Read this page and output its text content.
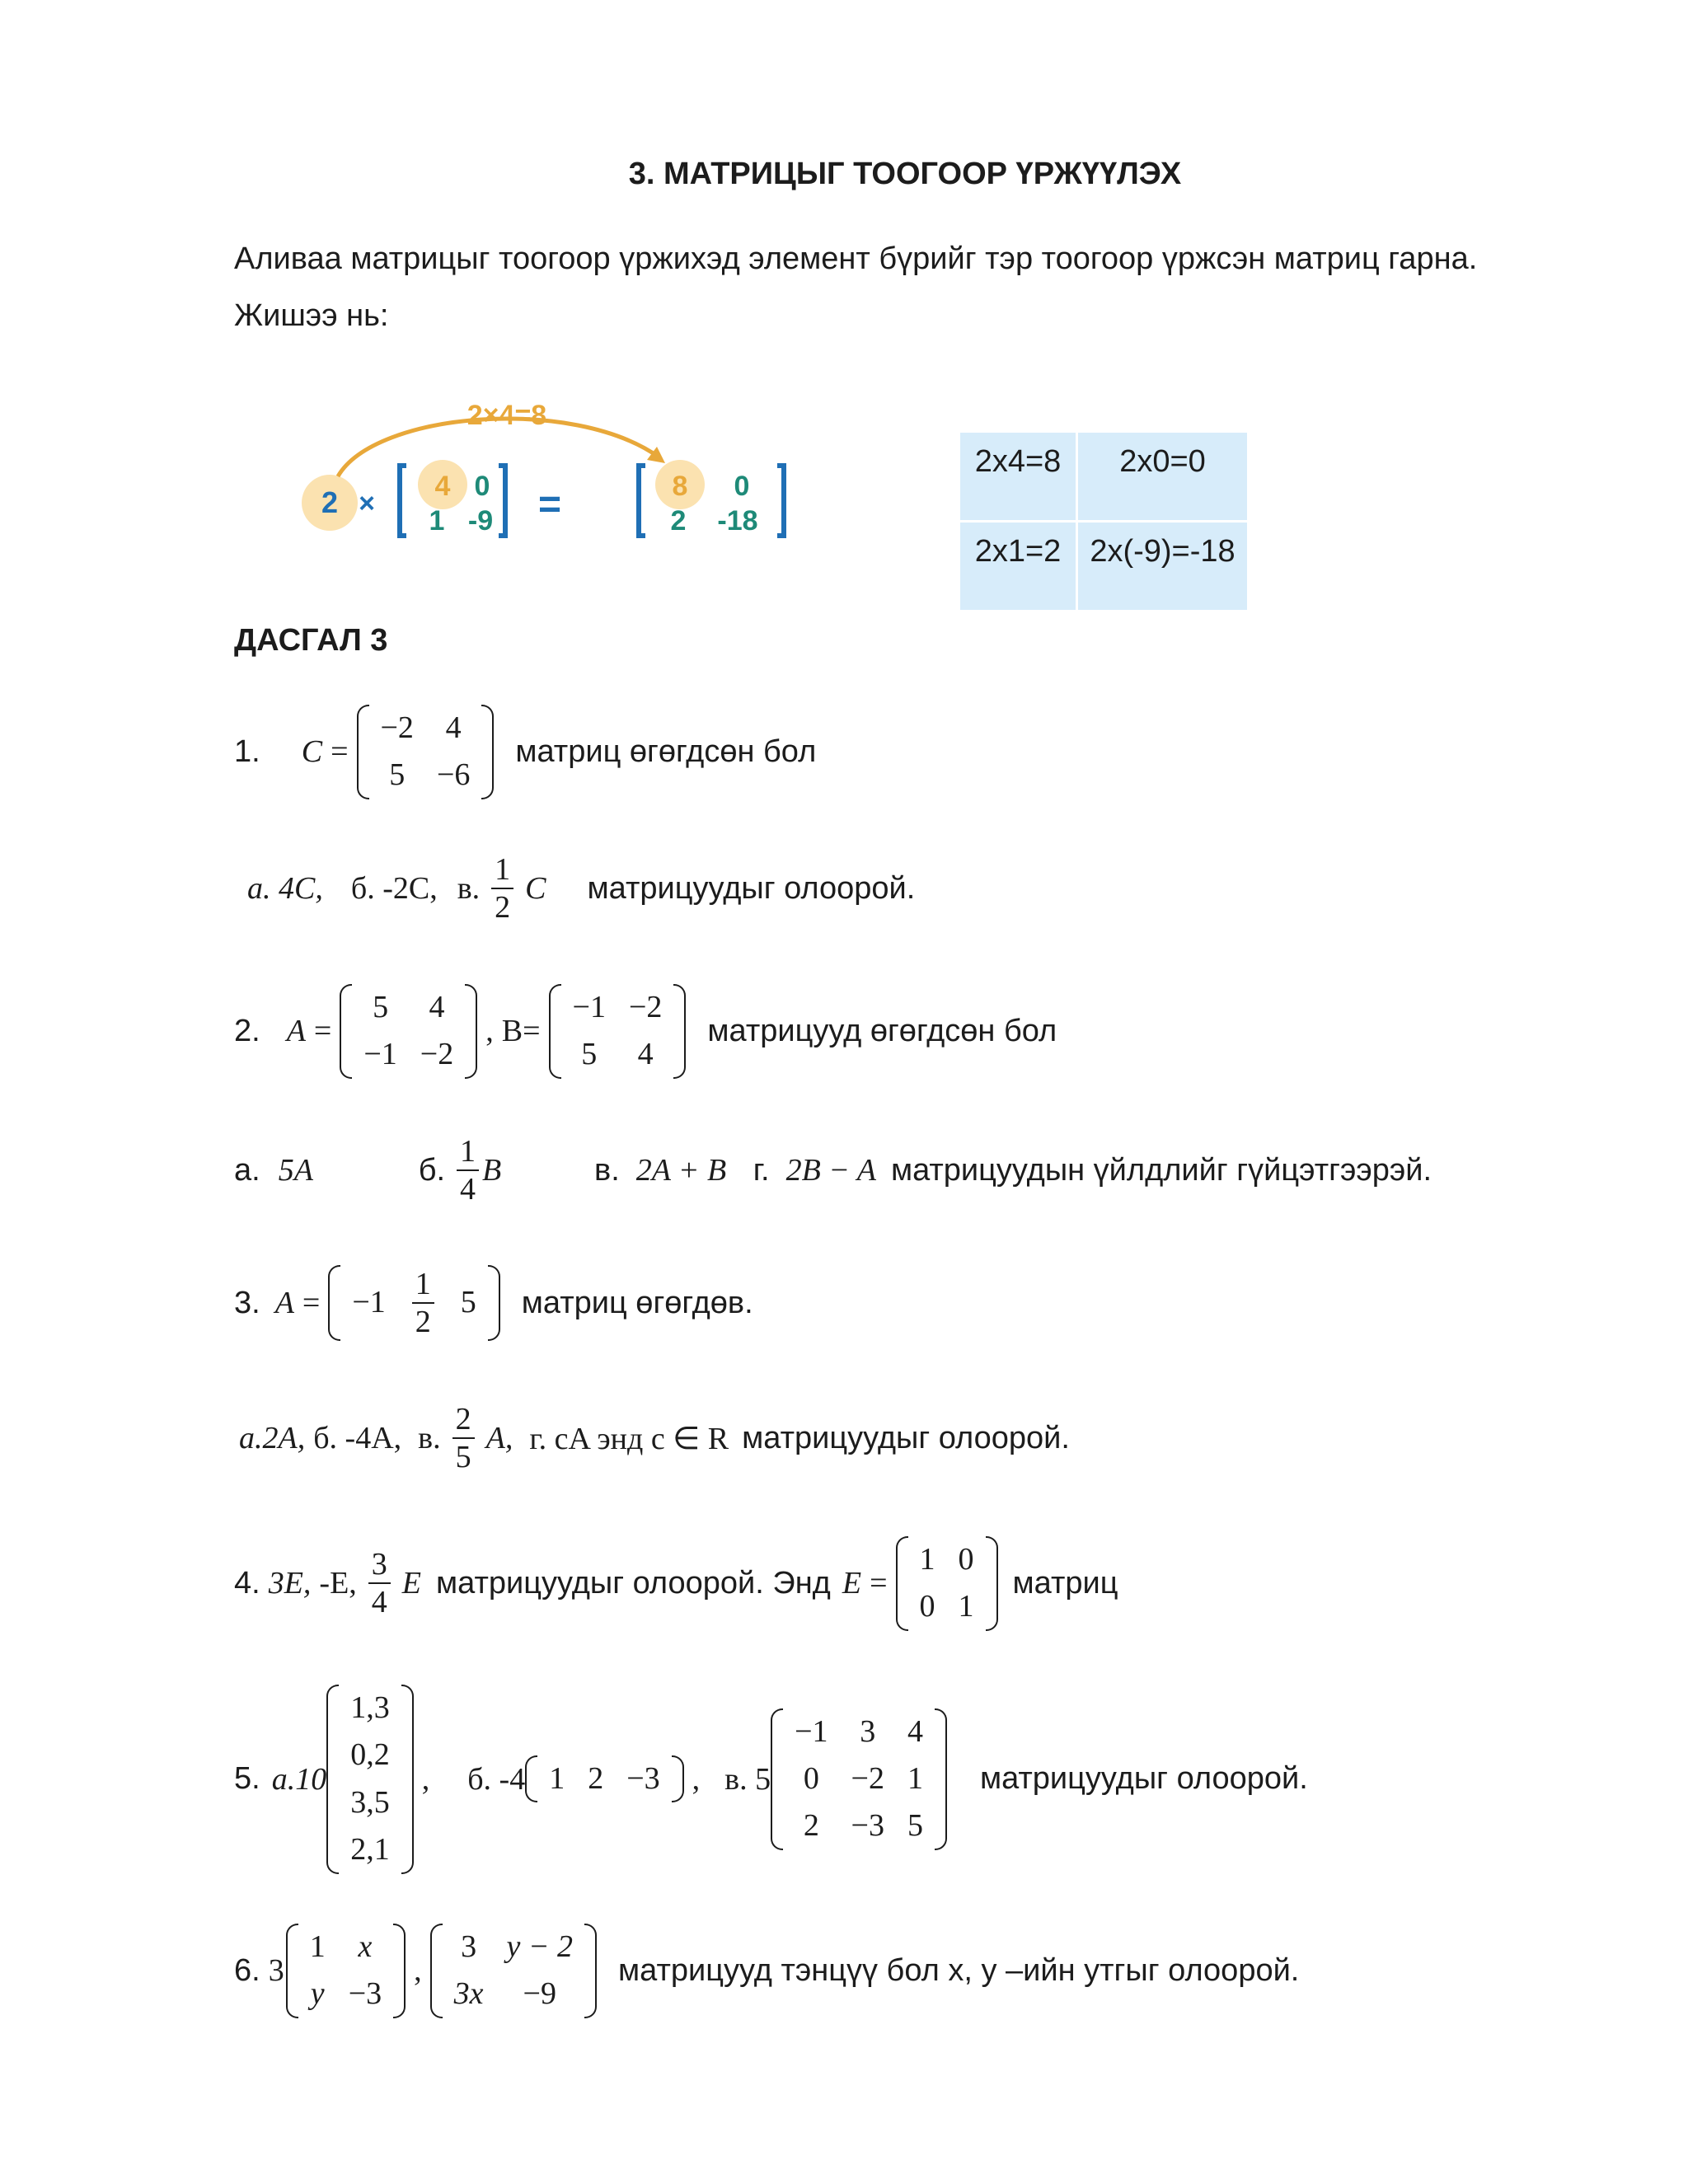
3. МАТРИЦЫГ ТООГООР ҮРЖҮҮЛЭХ
Аливаа матрицыг тоогоор үржихэд элемент бүрийг тэр тоогоор үржсэн матриц гарна.
Жишээ нь:
2×4=8
2 ×
4 0
1 -9 =	8 0
2 -18
2x4=8	2x0=0
2x1=2	2x(-9)=-18
ДАСГАЛ 3
1. C =
−2	4
5	−6
матриц өгөгдсөн бол
а. 4C, б. -2C, в. $\frac{1}{2}$ C матрицуудыг олоорой.
2. A =
5	4
−1	−2
, B=
−1	−2
5	4
матрицууд өгөгдсөн бол
а. 5A	б. $\frac{1}{4}$ B	в. 2A + B г. 2B − A матрицуудын үйлдлийг гүйцэтгээрэй.
3. A = −1	$\frac{1}{2}$	5 матриц өгөгдөв.
а.2A, б. -4A, в. $\frac{2}{5} A$, г. cA энд c ∈ R матрицуудыг олоорой.
4. 3E, -E, $\frac{3}{4}$ E матрицуудыг олоорой. Энд E =
1	0
0	1
матриц
5. а.10
1,3
0,2
3,5
2,1
, б. -4 1	2	−3 , в. 5
−1	3	4
0	−2	1
2	−3	5
матрицуудыг олоорой.
6. 3
1	x
y	−3
,
3	y − 2
3x	−9
матрицууд тэнцүү бол x, y –ийн утгыг олоорой.
